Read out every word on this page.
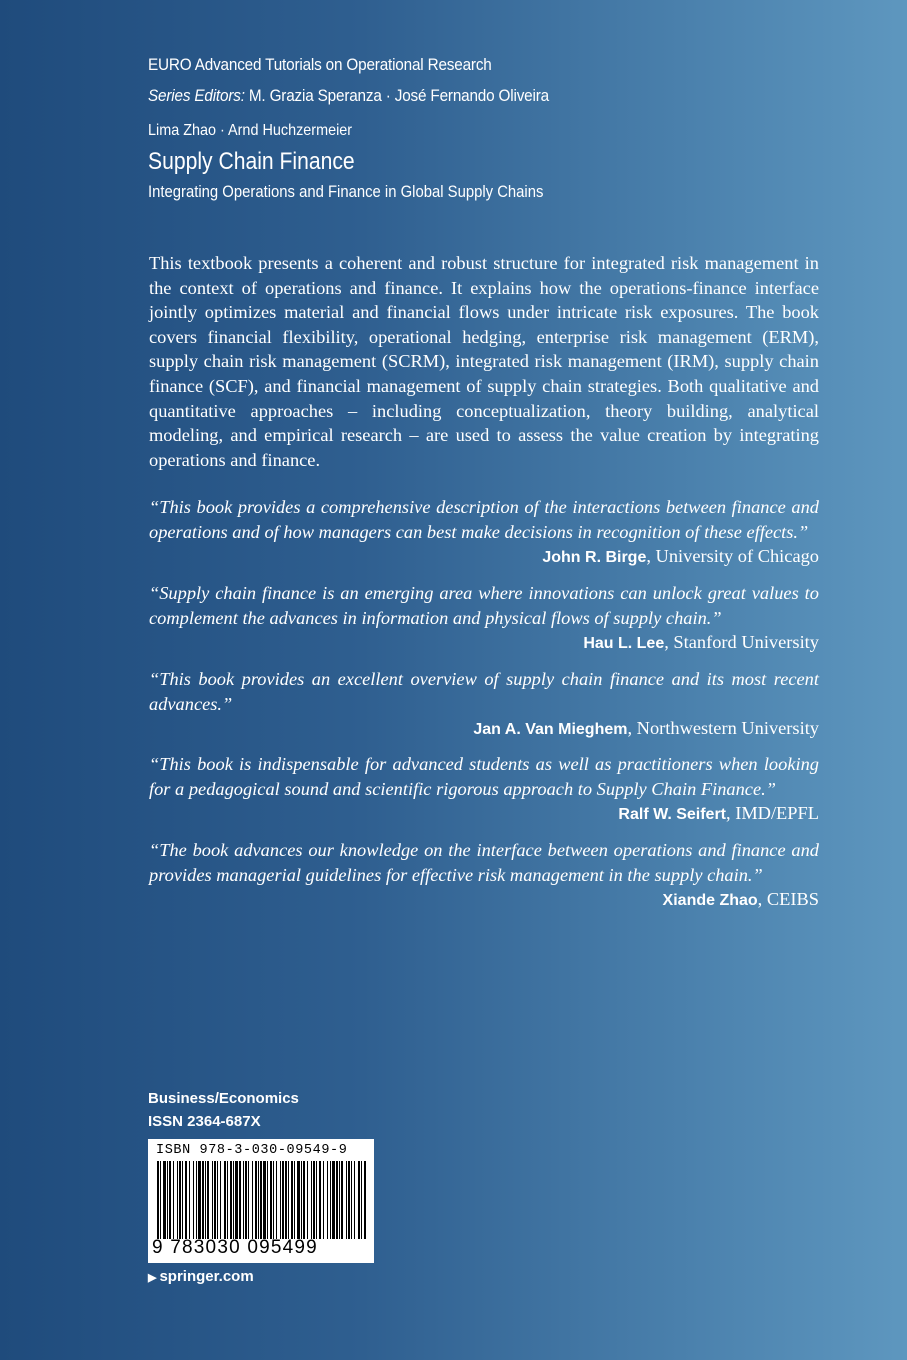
EURO Advanced Tutorials on Operational Research
Series Editors: M. Grazia Speranza · José Fernando Oliveira
Lima Zhao · Arnd Huchzermeier
Supply Chain Finance
Integrating Operations and Finance in Global Supply Chains

This textbook presents a coherent and robust structure for integrated risk management in the context of operations and finance. It explains how the operations-finance interface jointly optimizes material and financial flows under intricate risk exposures. The book covers financial flexibility, operational hedging, enterprise risk management (ERM), supply chain risk management (SCRM), integrated risk management (IRM), supply chain finance (SCF), and financial management of supply chain strategies. Both qualitative and quantitative approaches – including conceptualization, theory building, analytical modeling, and empirical research – are used to assess the value creation by integrating operations and finance.

“This book provides a comprehensive description of the interactions between finance and operations and of how managers can best make decisions in recognition of these effects.”

John R. Birge, University of Chicago

“Supply chain finance is an emerging area where innovations can unlock great values to complement the advances in information and physical flows of supply chain.”

Hau L. Lee, Stanford University

“This book provides an excellent overview of supply chain finance and its most recent advances.”

Jan A. Van Mieghem, Northwestern University

“This book is indispensable for advanced students as well as practitioners when looking for a pedagogical sound and scientific rigorous approach to Supply Chain Finance.”

Ralf W. Seifert, IMD/EPFL

“The book advances our knowledge on the interface between operations and finance and provides managerial guidelines for effective risk management in the supply chain.”

Xiande Zhao, CEIBS

Business/Economics
ISSN 2364-687X
ISBN 978-3-030-09549-9
9 783030 095499
▶ springer.com
